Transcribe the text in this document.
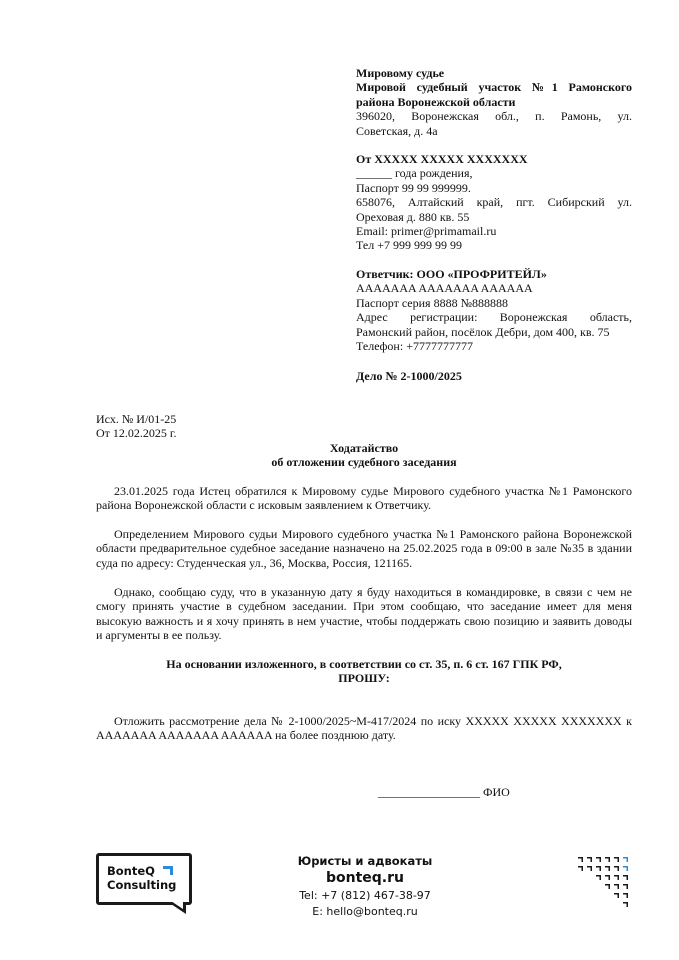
Мировому судье
Мировой судебный участок №1 Рамонского
района Воронежской области
396020, Воронежская обл., п. Рамонь, ул.
Советская, д. 4а
От XXXXX XXXXX XXXXXXX
______ года рождения,
Паспорт 99 99 999999.
658076, Алтайский край, пгт. Сибирский ул.
Ореховая д. 880 кв. 55
Email: primer@primamail.ru
Тел +7 999 999 99 99
Ответчик: ООО «ПРОФРИТЕЙЛ»
AAAAAAA AAAAAAA AAAAAA
Паспорт серия 8888 №888888
Адрес регистрации: Воронежская область,
Рамонский район, посёлок Дебри, дом 400, кв. 75
Телефон: +7777777777
Дело № 2-1000/2025
Исх. № И/01-25
От 12.02.2025 г.
Ходатайство
об отложении судебного заседания
23.01.2025 года Истец обратился к Мировому судье Мирового судебного участка №1 Рамонского района Воронежской области с исковым заявлением к Ответчику.
Определением Мирового судьи Мирового судебного участка №1 Рамонского района Воронежской области предварительное судебное заседание назначено на 25.02.2025 года в 09:00 в зале №35 в здании суда по адресу: Студенческая ул., 36, Москва, Россия, 121165.
Однако, сообщаю суду, что в указанную дату я буду находиться в командировке, в связи с чем не смогу принять участие в судебном заседании. При этом сообщаю, что заседание имеет для меня высокую важность и я хочу принять в нем участие, чтобы поддержать свою позицию и заявить доводы и аргументы в ее пользу.
На основании изложенного, в соответствии со ст. 35, п. 6 ст. 167 ГПК РФ,
ПРОШУ:
Отложить рассмотрение дела № 2-1000/2025~М-417/2024 по иску XXXXX XXXXX XXXXXXX к AAAAAAA AAAAAAA AAAAAA на более позднюю дату.
_________________ ФИО
BonteQ
Consulting
Юристы и адвокаты
bonteq.ru
Tel: +7 (812) 467-38-97
E: hello@bonteq.ru
